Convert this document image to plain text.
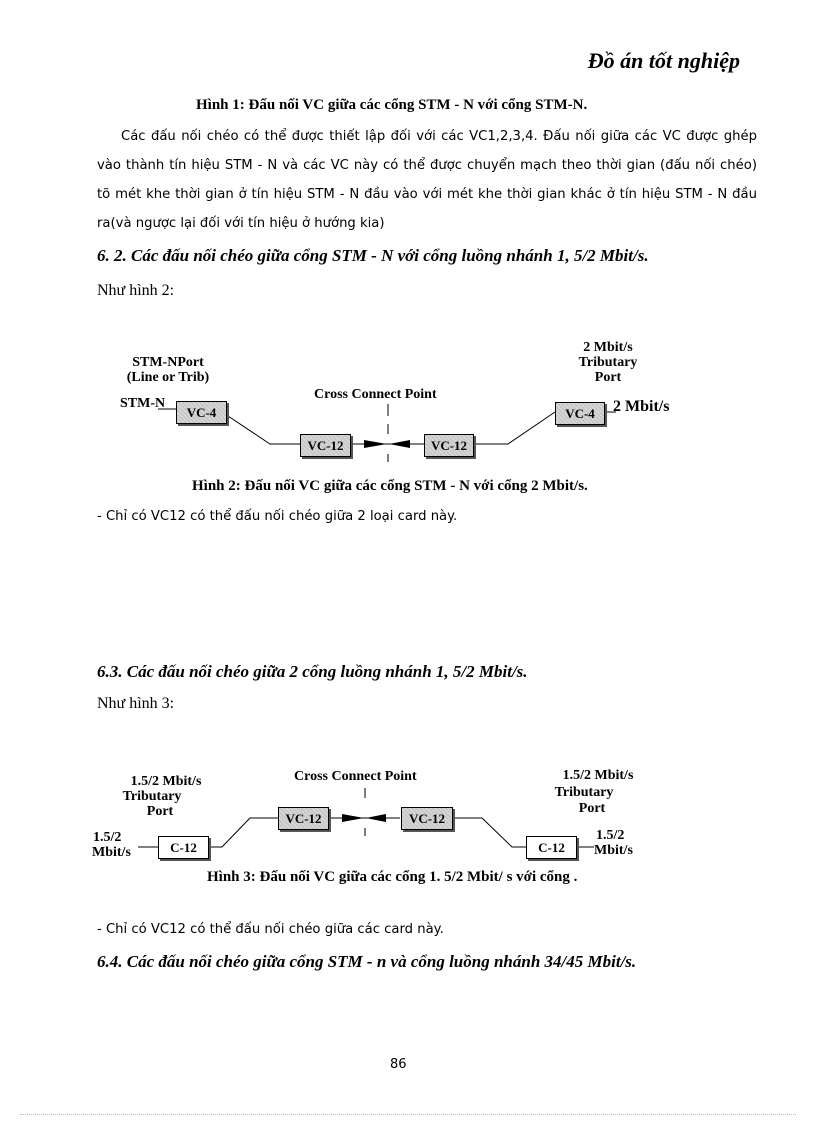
Đồ án tốt nghiệp
Hình 1: Đấu nối VC giữa các cổng STM - N với cổng STM-N.
Các đấu nối chéo có thể được thiết lập đối với các VC1,2,3,4. Đấu nối giữa các VC được ghép vào thành tín hiệu STM - N và các VC này có thể được chuyển mạch theo thời gian (đấu nối chéo) tõ mét khe thời gian ở tín hiệu STM - N đầu vào với mét khe thời gian khác ở tín hiệu STM - N đầu ra(và ngược lại đối với tín hiệu ở hướng kia)
6. 2. Các đấu nối chéo giữa cổng STM - N với cổng luồng nhánh 1, 5/2 Mbit/s.
Như hình 2:
STM-NPort
(Line or Trib)
STM-N
VC-4
VC-12
Cross Connect Point
VC-12
VC-4	2 Mbit/s
2 Mbit/s
Tributary
Port
Hình 2: Đấu nối VC giữa các cổng STM - N với cổng 2 Mbit/s.
- Chỉ có VC12 có thể đấu nối chéo giữa 2 loại card này.
6.3. Các đấu nối chéo giữa 2 cổng luồng nhánh 1, 5/2 Mbit/s.
Như hình 3:
1.5/2 Mbit/s
Tributary
Port
1.5/2
Mbit/s	C-12
VC-12
Cross Connect Point
VC-12
C-12
1.5/2 Mbit/s
Tributary
Port
1.5/2
Mbit/s
Hình 3: Đấu nối VC giữa các cổng 1. 5/2 Mbit/ s với cổng .
- Chỉ có VC12 có thể đấu nối chéo giữa các card này.
6.4. Các đấu nối chéo giữa cổng STM - n và cổng luồng nhánh 34/45 Mbit/s.
86
